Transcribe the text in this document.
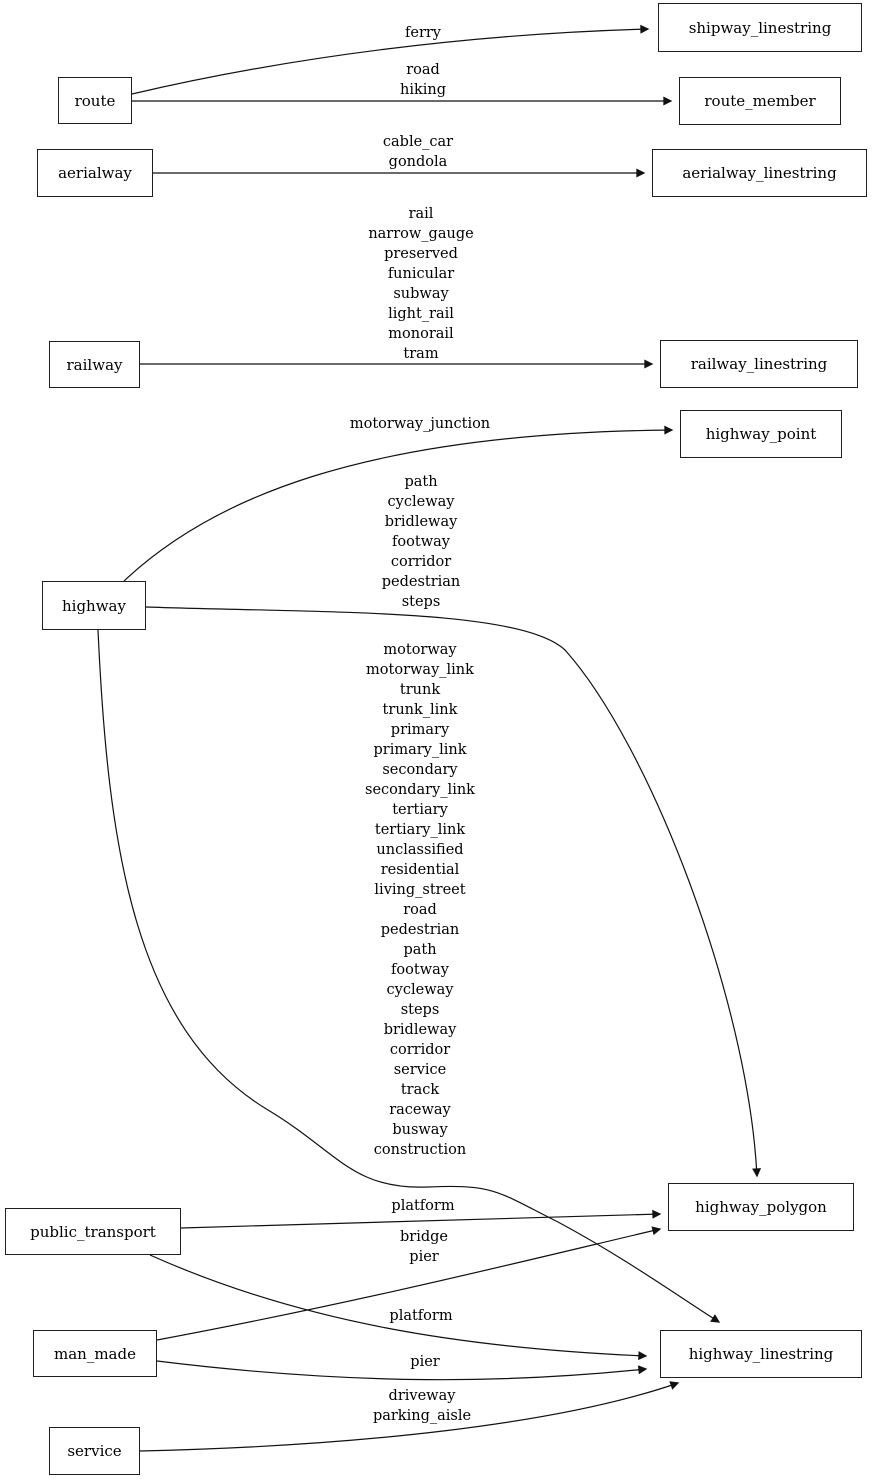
route
aerialway
railway
highway
public_transport
man_made
service
shipway_linestring
route_member
aerialway_linestring
railway_linestring
highway_point
highway_polygon
highway_linestring
ferry
road
hiking
cable_car
gondola
rail
narrow_gauge
preserved
funicular
subway
light_rail
monorail
tram
motorway_junction
path
cycleway
bridleway
footway
corridor
pedestrian
steps
motorway
motorway_link
trunk
trunk_link
primary
primary_link
secondary
secondary_link
tertiary
tertiary_link
unclassified
residential
living_street
road
pedestrian
path
footway
cycleway
steps
bridleway
corridor
service
track
raceway
busway
construction
platform
bridge
pier
platform
pier
driveway
parking_aisle
